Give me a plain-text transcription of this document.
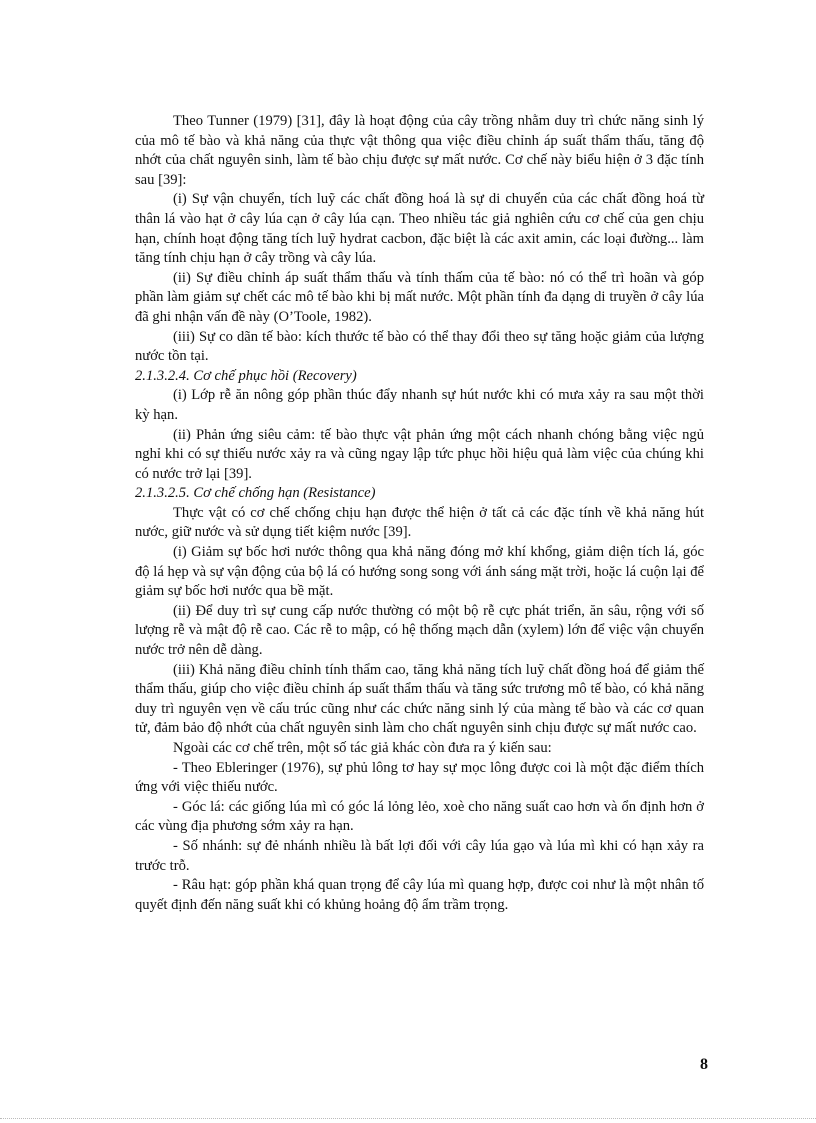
Theo Tunner (1979) [31], đây là hoạt động của cây trồng nhằm duy trì chức năng sinh lý của mô tế bào và khả năng của thực vật thông qua việc điều chỉnh áp suất thẩm thấu, tăng độ nhớt của chất nguyên sinh, làm tế bào chịu được sự mất nước. Cơ chế này biểu hiện ở 3 đặc tính sau [39]:

(i) Sự vận chuyển, tích luỹ các chất đồng hoá là sự di chuyển của các chất đồng hoá từ thân lá vào hạt ở cây lúa cạn ở cây lúa cạn. Theo nhiều tác giả nghiên cứu cơ chế của gen chịu hạn, chính hoạt động tăng tích luỹ hydrat cacbon, đặc biệt là các axit amin, các loại đường... làm tăng tính chịu hạn ở cây trồng và cây lúa.

(ii) Sự điều chỉnh áp suất thẩm thấu và tính thấm của tế bào: nó có thể trì hoãn và góp phần làm giảm sự chết các mô tế bào khi bị mất nước. Một phần tính đa dạng di truyền ở cây lúa đã ghi nhận vấn đề này (O’Toole, 1982).

(iii) Sự co dãn tế bào: kích thước tế bào có thể thay đổi theo sự tăng hoặc giảm của lượng nước tồn tại.

2.1.3.2.4. Cơ chế phục hồi (Recovery)

(i) Lớp rễ ăn nông góp phần thúc đẩy nhanh sự hút nước khi có mưa xảy ra sau một thời kỳ hạn.

(ii) Phản ứng siêu cảm: tế bào thực vật phản ứng một cách nhanh chóng bằng việc ngủ nghỉ khi có sự thiếu nước xảy ra và cũng ngay lập tức phục hồi hiệu quả làm việc của chúng khi có nước trở lại [39].

2.1.3.2.5. Cơ chế chống hạn (Resistance)

Thực vật có cơ chế chống chịu hạn được thể hiện ở tất cả các đặc tính về khả năng hút nước, giữ nước và sử dụng tiết kiệm nước [39].

(i) Giảm sự bốc hơi nước thông qua khả năng đóng mở khí khổng, giảm diện tích lá, góc độ lá hẹp và sự vận động của bộ lá có hướng song song với ánh sáng mặt trời, hoặc lá cuộn lại để giảm sự bốc hơi nước qua bề mặt.

(ii) Để duy trì sự cung cấp nước thường có một bộ rễ cực phát triển, ăn sâu, rộng với số lượng rễ và mật độ rễ cao. Các rễ to mập, có hệ thống mạch dẫn (xylem) lớn để việc vận chuyển nước trở nên dễ dàng.

(iii) Khả năng điều chỉnh tính thẩm cao, tăng khả năng tích luỹ chất đồng hoá để giảm thế thẩm thấu, giúp cho việc điều chỉnh áp suất thẩm thấu và tăng sức trương mô tế bào, có khả năng duy trì nguyên vẹn về cấu trúc cũng như các chức năng sinh lý của màng tế bào và các cơ quan tử, đảm bảo độ nhớt của chất nguyên sinh làm cho chất nguyên sinh chịu được sự mất nước cao.

Ngoài các cơ chế trên, một số tác giả khác còn đưa ra ý kiến sau:

- Theo Ebleringer (1976), sự phủ lông tơ hay sự mọc lông được coi là một đặc điểm thích ứng với việc thiếu nước.

- Góc lá: các giống lúa mì có góc lá lỏng lẻo, xoè cho năng suất cao hơn và ổn định hơn ở các vùng địa phương sớm xảy ra hạn.

- Số nhánh: sự đẻ nhánh nhiều là bất lợi đối với cây lúa gạo và lúa mì khi có hạn xảy ra trước trỗ.

- Râu hạt: góp phần khá quan trọng để cây lúa mì quang hợp, được coi như là một nhân tố quyết định đến năng suất khi có khủng hoảng độ ẩm trầm trọng.

8
